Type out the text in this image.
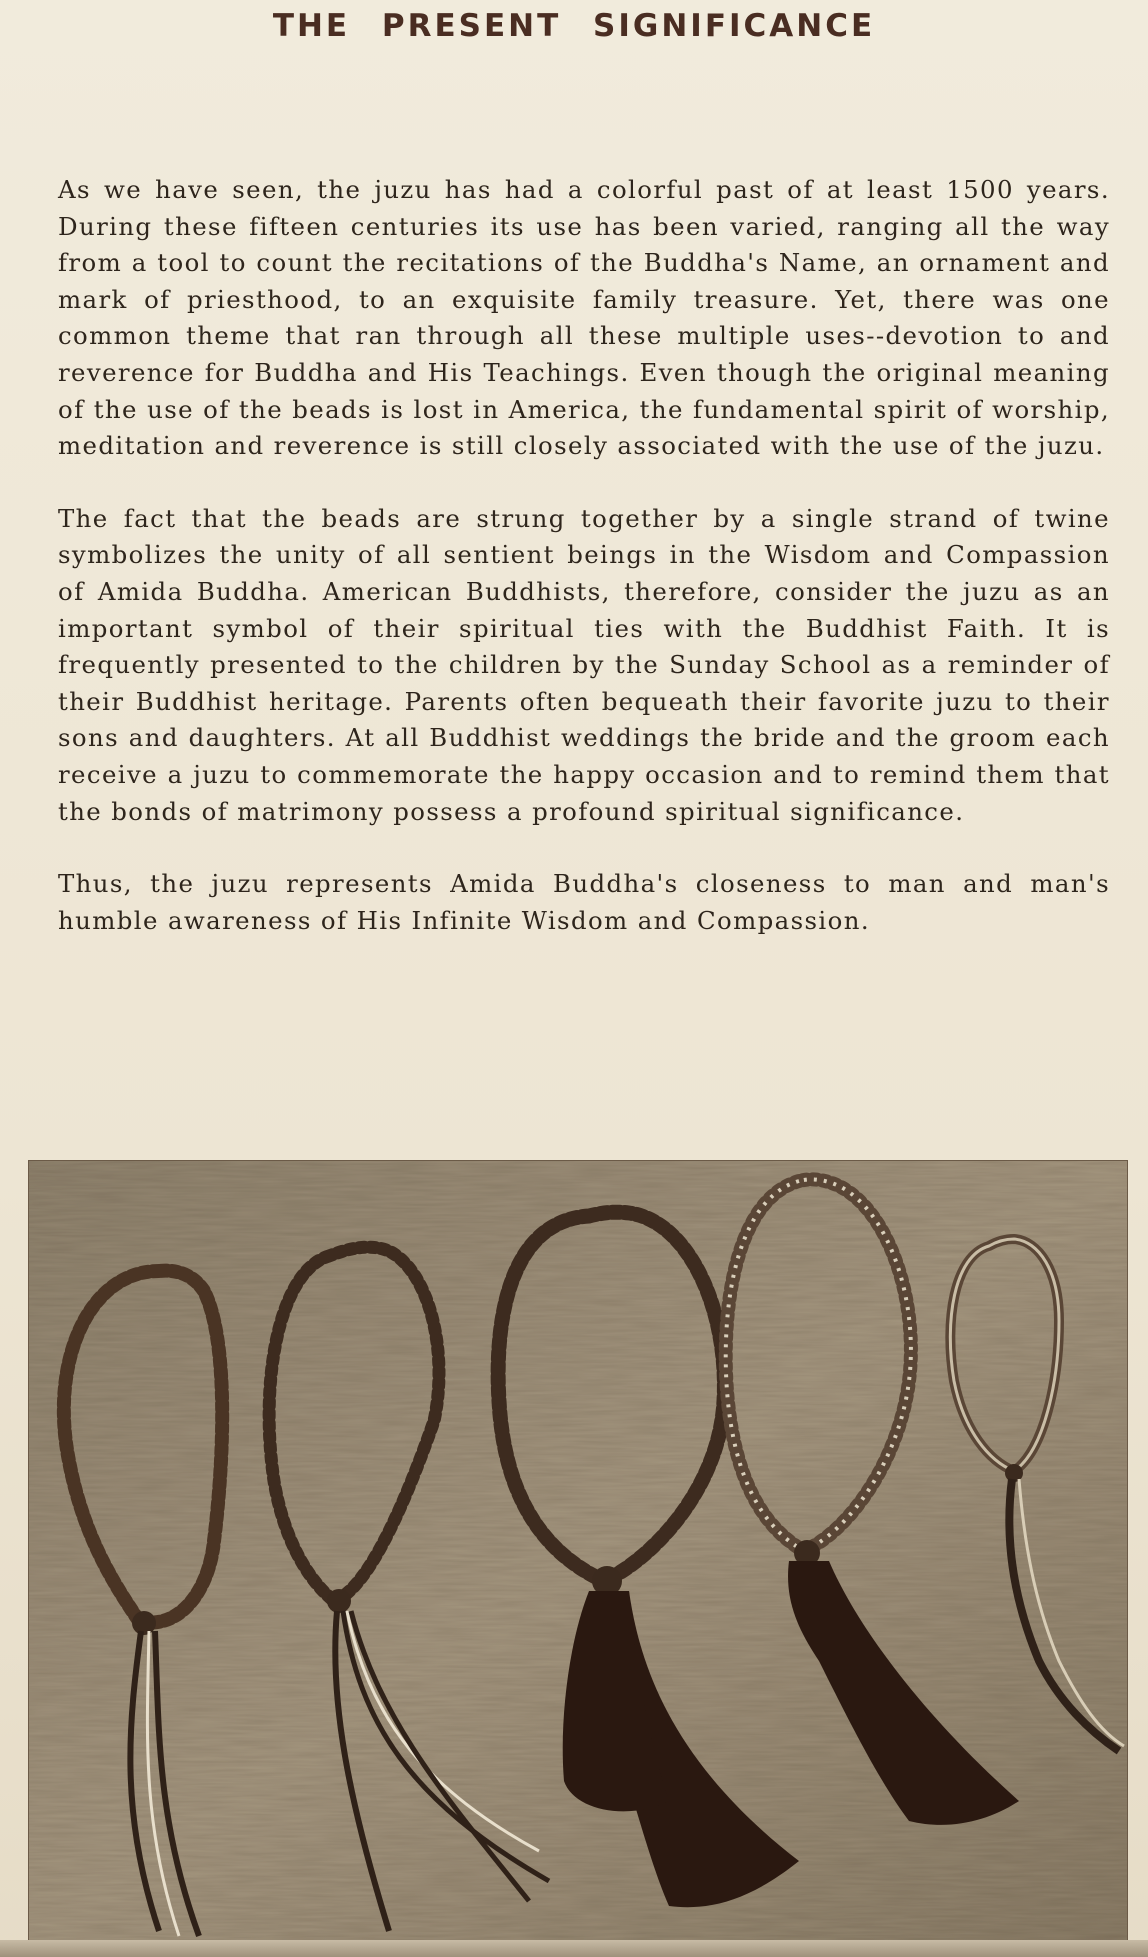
THE PRESENT SIGNIFICANCE

As we have seen, the juzu has had a colorful past of at least 1500 years. During these fifteen centuries its use has been varied, ranging all the way from a tool to count the recitations of the Buddha's Name, an ornament and mark of priesthood, to an exquisite family treasure. Yet, there was one common theme that ran through all these multiple uses--devotion to and reverence for Buddha and His Teachings. Even though the original meaning of the use of the beads is lost in America, the fundamental spirit of worship, meditation and reverence is still closely associated with the use of the juzu.

The fact that the beads are strung together by a single strand of twine symbolizes the unity of all sentient beings in the Wisdom and Compassion of Amida Buddha. American Buddhists, therefore, consider the juzu as an important symbol of their spiritual ties with the Buddhist Faith. It is frequently presented to the children by the Sunday School as a reminder of their Buddhist heritage. Parents often bequeath their favorite juzu to their sons and daughters. At all Buddhist weddings the bride and the groom each receive a juzu to commemorate the happy occasion and to remind them that the bonds of matrimony possess a profound spiritual significance.

Thus, the juzu represents Amida Buddha's closeness to man and man's humble awareness of His Infinite Wisdom and Compassion.
